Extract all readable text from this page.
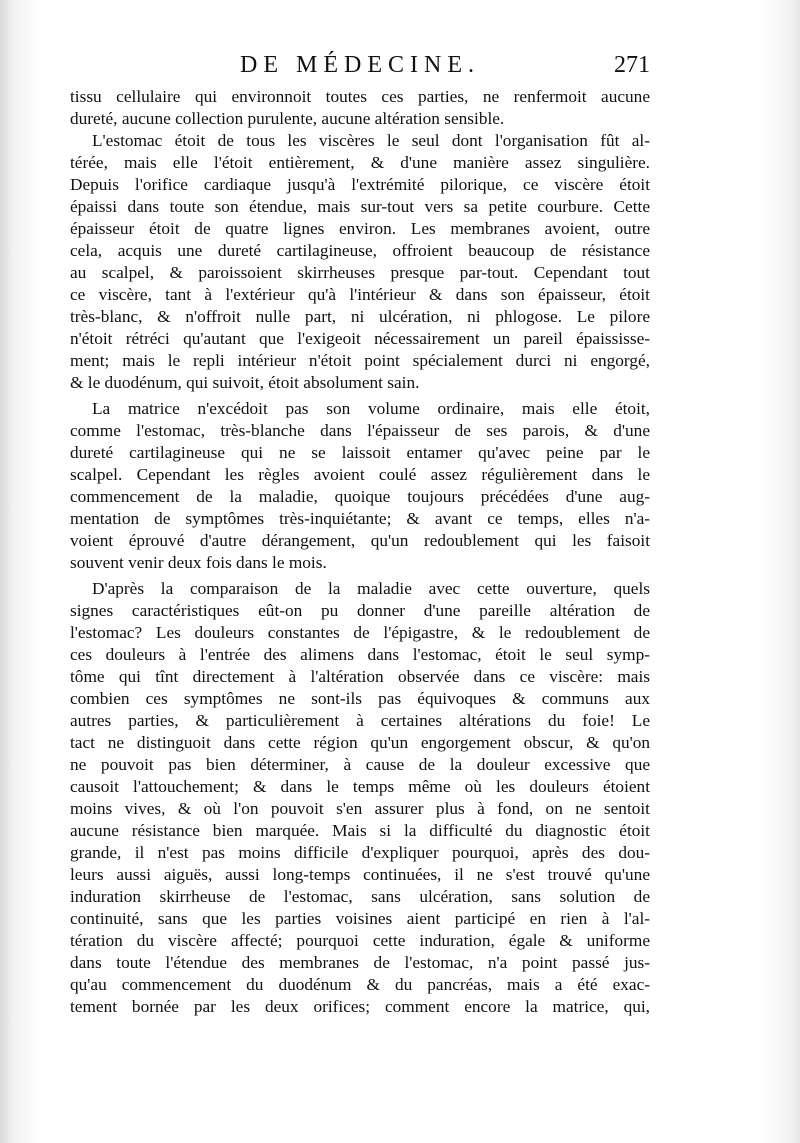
DE MÉDECINE.	271
tissu cellulaire qui environnoit toutes ces parties, ne renfermoit aucune
dureté, aucune collection purulente, aucune altération sensible.
L'estomac étoit de tous les viscères le seul dont l'organisation fût al-
térée, mais elle l'étoit entièrement, & d'une manière assez singulière.
Depuis l'orifice cardiaque jusqu'à l'extrémité pilorique, ce viscère étoit
épaissi dans toute son étendue, mais sur-tout vers sa petite courbure. Cette
épaisseur étoit de quatre lignes environ. Les membranes avoient, outre
cela, acquis une dureté cartilagineuse, offroient beaucoup de résistance
au scalpel, & paroissoient skirrheuses presque par-tout. Cependant tout
ce viscère, tant à l'extérieur qu'à l'intérieur & dans son épaisseur, étoit
très-blanc, & n'offroit nulle part, ni ulcération, ni phlogose. Le pilore
n'étoit rétréci qu'autant que l'exigeoit nécessairement un pareil épaississe-
ment; mais le repli intérieur n'étoit point spécialement durci ni engorgé,
& le duodénum, qui suivoit, étoit absolument sain.
La matrice n'excédoit pas son volume ordinaire, mais elle étoit,
comme l'estomac, très-blanche dans l'épaisseur de ses parois, & d'une
dureté cartilagineuse qui ne se laissoit entamer qu'avec peine par le
scalpel. Cependant les règles avoient coulé assez régulièrement dans le
commencement de la maladie, quoique toujours précédées d'une aug-
mentation de symptômes très-inquiétante; & avant ce temps, elles n'a-
voient éprouvé d'autre dérangement, qu'un redoublement qui les faisoit
souvent venir deux fois dans le mois.
D'après la comparaison de la maladie avec cette ouverture, quels
signes caractéristiques eût-on pu donner d'une pareille altération de
l'estomac? Les douleurs constantes de l'épigastre, & le redoublement de
ces douleurs à l'entrée des alimens dans l'estomac, étoit le seul symp-
tôme qui tînt directement à l'altération observée dans ce viscère: mais
combien ces symptômes ne sont-ils pas équivoques & communs aux
autres parties, & particulièrement à certaines altérations du foie! Le
tact ne distinguoit dans cette région qu'un engorgement obscur, & qu'on
ne pouvoit pas bien déterminer, à cause de la douleur excessive que
causoit l'attouchement; & dans le temps même où les douleurs étoient
moins vives, & où l'on pouvoit s'en assurer plus à fond, on ne sentoit
aucune résistance bien marquée. Mais si la difficulté du diagnostic étoit
grande, il n'est pas moins difficile d'expliquer pourquoi, après des dou-
leurs aussi aiguës, aussi long-temps continuées, il ne s'est trouvé qu'une
induration skirrheuse de l'estomac, sans ulcération, sans solution de
continuité, sans que les parties voisines aient participé en rien à l'al-
tération du viscère affecté; pourquoi cette induration, égale & uniforme
dans toute l'étendue des membranes de l'estomac, n'a point passé jus-
qu'au commencement du duodénum & du pancréas, mais a été exac-
tement bornée par les deux orifices; comment encore la matrice, qui,
